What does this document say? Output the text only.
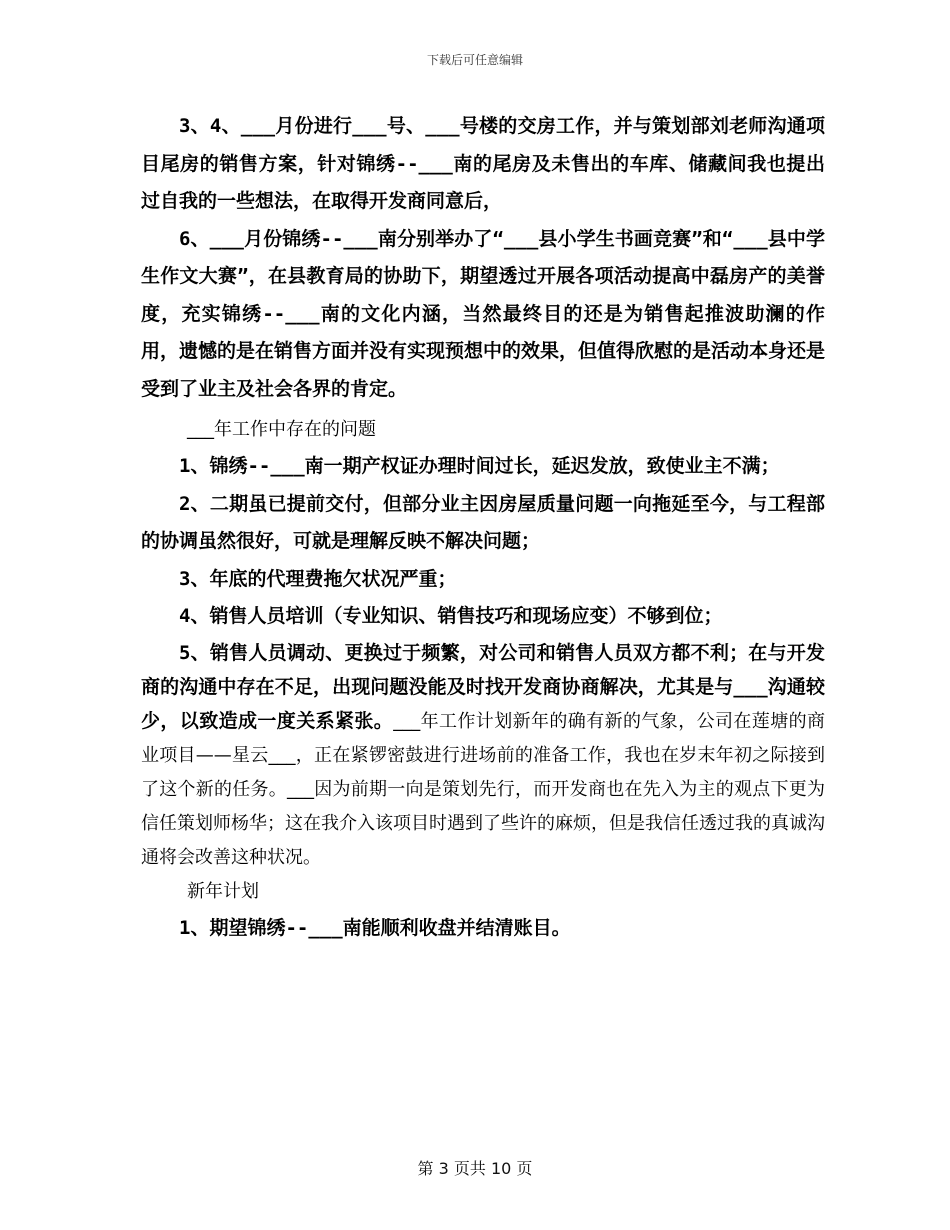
下载后可任意编辑

3、4、___月份进行___号、___号楼的交房工作，并与策划部刘老师沟通项目尾房的销售方案，针对锦绣--___南的尾房及未售出的车库、储藏间我也提出过自我的一些想法，在取得开发商同意后，

6、___月份锦绣--___南分别举办了“___县小学生书画竞赛”和“___县中学生作文大赛”，在县教育局的协助下，期望透过开展各项活动提高中磊房产的美誉度，充实锦绣--___南的文化内涵，当然最终目的还是为销售起推波助澜的作用，遗憾的是在销售方面并没有实现预想中的效果，但值得欣慰的是活动本身还是受到了业主及社会各界的肯定。

___年工作中存在的问题

1、锦绣--___南一期产权证办理时间过长，延迟发放，致使业主不满；

2、二期虽已提前交付，但部分业主因房屋质量问题一向拖延至今，与工程部的协调虽然很好，可就是理解反映不解决问题；

3、年底的代理费拖欠状况严重；

4、销售人员培训（专业知识、销售技巧和现场应变）不够到位；

5、销售人员调动、更换过于频繁，对公司和销售人员双方都不利；在与开发商的沟通中存在不足，出现问题没能及时找开发商协商解决，尤其是与___沟通较少，以致造成一度关系紧张。___年工作计划新年的确有新的气象，公司在莲塘的商业项目——星云___，正在紧锣密鼓进行进场前的准备工作，我也在岁末年初之际接到了这个新的任务。___因为前期一向是策划先行，而开发商也在先入为主的观点下更为信任策划师杨华；这在我介入该项目时遇到了些许的麻烦，但是我信任透过我的真诚沟通将会改善这种状况。

新年计划

1、期望锦绣--___南能顺利收盘并结清账目。

第 3 页共 10 页
